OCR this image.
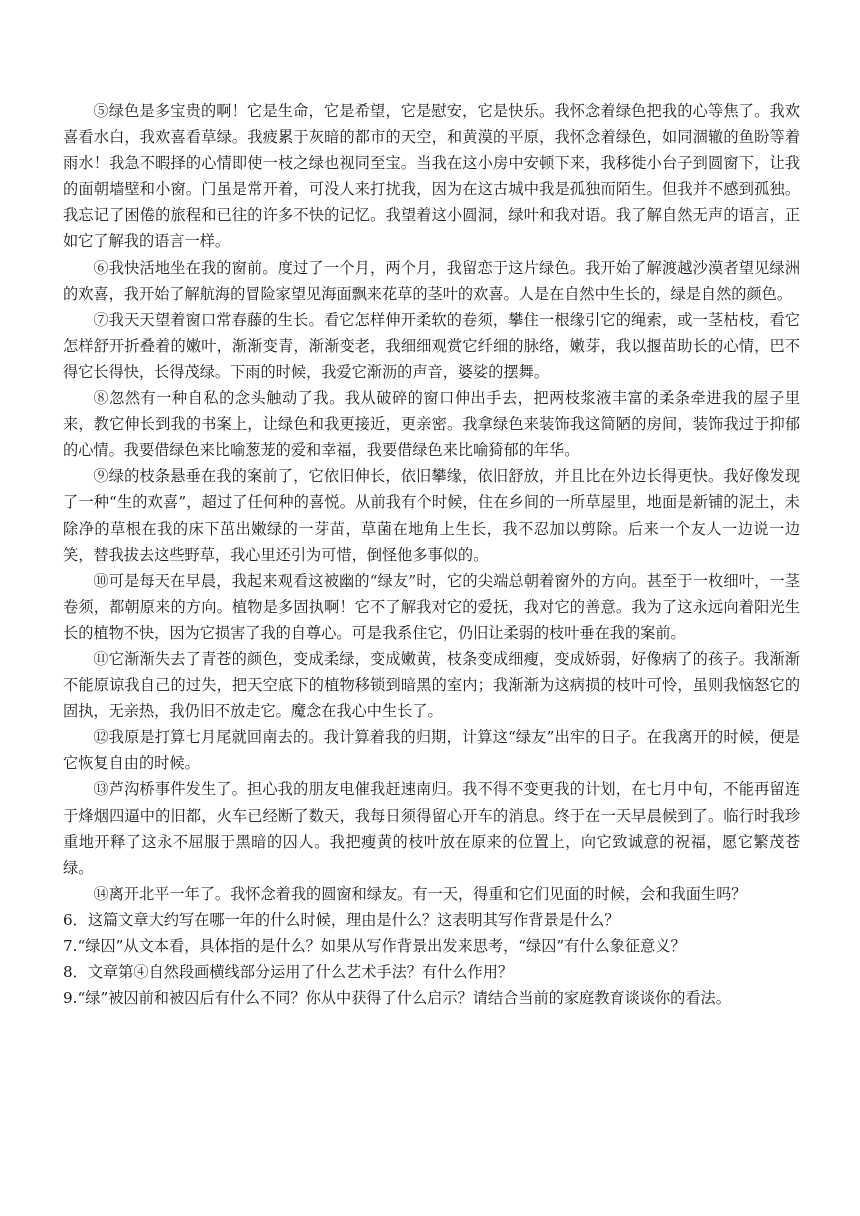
⑤绿色是多宝贵的啊！它是生命，它是希望，它是慰安，它是快乐。我怀念着绿色把我的心等焦了。我欢喜看水白，我欢喜看草绿。我疲累于灰暗的都市的天空，和黄漠的平原，我怀念着绿色，如同涸辙的鱼盼等着雨水！我急不暇择的心情即使一枝之绿也视同至宝。当我在这小房中安顿下来，我移徙小台子到圆窗下，让我的面朝墙壁和小窗。门虽是常开着，可没人来打扰我，因为在这古城中我是孤独而陌生。但我并不感到孤独。我忘记了困倦的旅程和已往的许多不快的记忆。我望着这小圆洞，绿叶和我对语。我了解自然无声的语言，正如它了解我的语言一样。

⑥我快活地坐在我的窗前。度过了一个月，两个月，我留恋于这片绿色。我开始了解渡越沙漠者望见绿洲的欢喜，我开始了解航海的冒险家望见海面飘来花草的茎叶的欢喜。人是在自然中生长的，绿是自然的颜色。

⑦我天天望着窗口常春藤的生长。看它怎样伸开柔软的卷须，攀住一根缘引它的绳索，或一茎枯枝，看它怎样舒开折叠着的嫩叶，渐渐变青，渐渐变老，我细细观赏它纤细的脉络，嫩芽，我以揠苗助长的心情，巴不得它长得快，长得茂绿。下雨的时候，我爱它渐沥的声音，婆娑的摆舞。

⑧忽然有一种自私的念头触动了我。我从破碎的窗口伸出手去，把两枝浆液丰富的柔条牵进我的屋子里来，教它伸长到我的书案上，让绿色和我更接近，更亲密。我拿绿色来装饰我这简陋的房间，装饰我过于抑郁的心情。我要借绿色来比喻葱茏的爱和幸福，我要借绿色来比喻猗郁的年华。

⑨绿的枝条悬垂在我的案前了，它依旧伸长，依旧攀缘，依旧舒放，并且比在外边长得更快。我好像发现了一种“生的欢喜”，超过了任何种的喜悦。从前我有个时候，住在乡间的一所草屋里，地面是新铺的泥土，未除净的草根在我的床下茁出嫩绿的一芽苗，草菌在地角上生长，我不忍加以剪除。后来一个友人一边说一边笑，替我拔去这些野草，我心里还引为可惜，倒怪他多事似的。

⑩可是每天在早晨，我起来观看这被幽的“绿友”时，它的尖端总朝着窗外的方向。甚至于一枚细叶，一茎卷须，都朝原来的方向。植物是多固执啊！它不了解我对它的爱抚，我对它的善意。我为了这永远向着阳光生长的植物不快，因为它损害了我的自尊心。可是我系住它，仍旧让柔弱的枝叶垂在我的案前。

⑪它渐渐失去了青苍的颜色，变成柔绿，变成嫩黄，枝条变成细瘦，变成娇弱，好像病了的孩子。我渐渐不能原谅我自己的过失，把天空底下的植物移锁到暗黑的室内；我渐渐为这病损的枝叶可怜，虽则我恼怒它的固执，无亲热，我仍旧不放走它。魔念在我心中生长了。

⑫我原是打算七月尾就回南去的。我计算着我的归期，计算这“绿友”出牢的日子。在我离开的时候，便是它恢复自由的时候。

⑬芦沟桥事件发生了。担心我的朋友电催我赶速南归。我不得不变更我的计划，在七月中旬，不能再留连于烽烟四逼中的旧都，火车已经断了数天，我每日须得留心开车的消息。终于在一天早晨候到了。临行时我珍重地开释了这永不屈服于黑暗的囚人。我把瘦黄的枝叶放在原来的位置上，向它致诚意的祝福，愿它繁茂苍绿。

⑭离开北平一年了。我怀念着我的圆窗和绿友。有一天，得重和它们见面的时候，会和我面生吗？

6．这篇文章大约写在哪一年的什么时候，理由是什么？这表明其写作背景是什么？

7.“绿囚”从文本看，具体指的是什么？如果从写作背景出发来思考，“绿囚”有什么象征意义？

8．文章第④自然段画横线部分运用了什么艺术手法？有什么作用？

9.“绿”被囚前和被囚后有什么不同？你从中获得了什么启示？请结合当前的家庭教育谈谈你的看法。
